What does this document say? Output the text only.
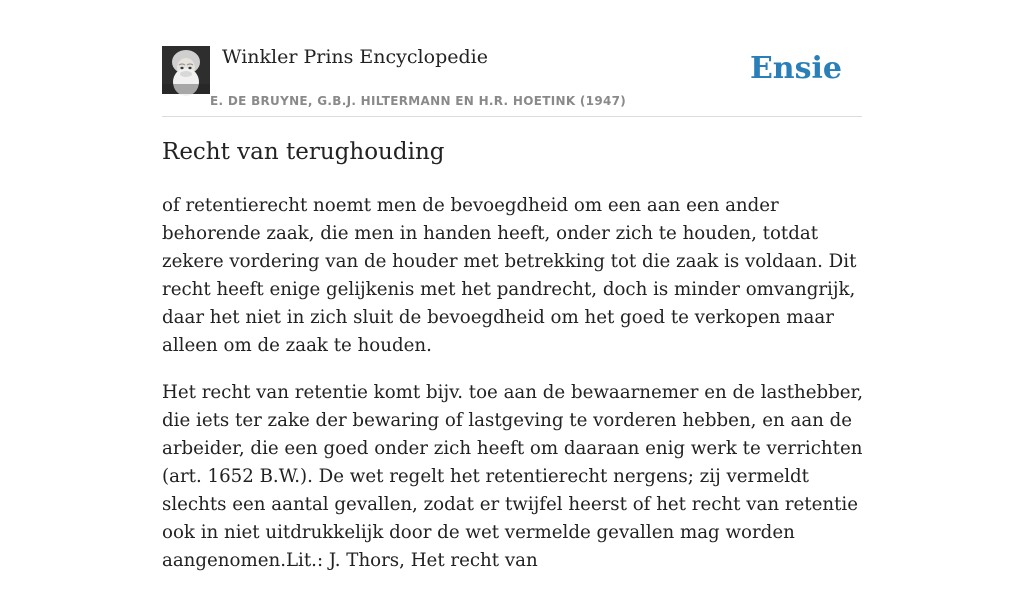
Winkler Prins Encyclopedie
E. DE BRUYNE, G.B.J. HILTERMANN EN H.R. HOETINK (1947)
Ensie
Recht van terughouding

of retentierecht noemt men de bevoegdheid om een aan een ander behorende zaak, die men in handen heeft, onder zich te houden, totdat zekere vordering van de houder met betrekking tot die zaak is voldaan. Dit recht heeft enige gelijkenis met het pandrecht, doch is minder omvangrijk, daar het niet in zich sluit de bevoegdheid om het goed te verkopen maar alleen om de zaak te houden.

Het recht van retentie komt bijv. toe aan de bewaarnemer en de lasthebber, die iets ter zake der bewaring of lastgeving te vorderen hebben, en aan de arbeider, die een goed onder zich heeft om daaraan enig werk te verrichten (art. 1652 B.W.). De wet regelt het retentierecht nergens; zij vermeldt slechts een aantal gevallen, zodat er twijfel heerst of het recht van retentie ook in niet uitdrukkelijk door de wet vermelde gevallen mag worden aangenomen.Lit.: J. Thors, Het recht van
